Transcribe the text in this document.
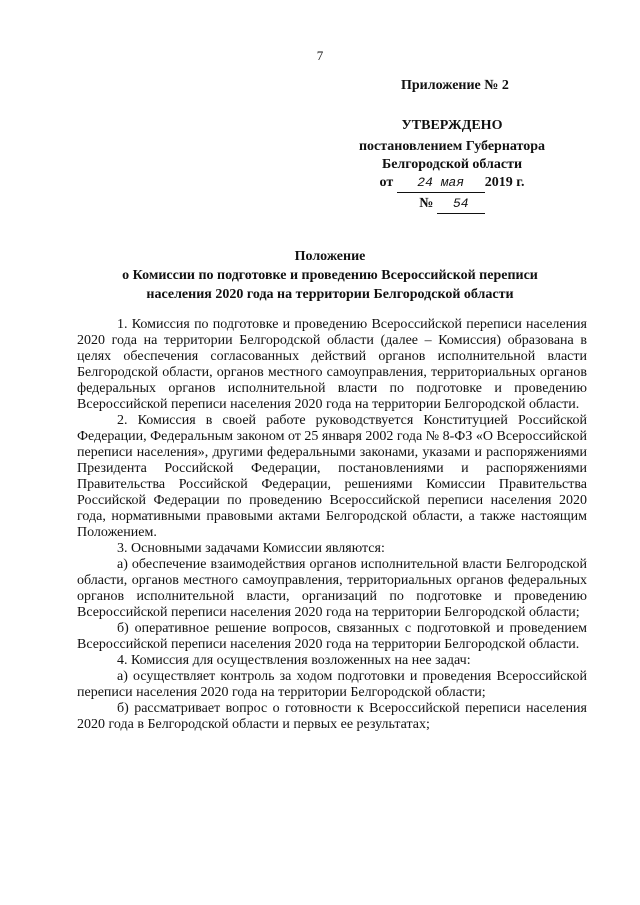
7
Приложение № 2
УТВЕРЖДЕНО
постановлением Губернатора
Белгородской области
от 24 мая 2019 г.
№ 54
Положение
о Комиссии по подготовке и проведению Всероссийской переписи
населения 2020 года на территории Белгородской области

1. Комиссия по подготовке и проведению Всероссийской переписи населения 2020 года на территории Белгородской области (далее – Комиссия) образована в целях обеспечения согласованных действий органов исполнительной власти Белгородской области, органов местного самоуправления, территориальных органов федеральных органов исполнительной власти по подготовке и проведению Всероссийской переписи населения 2020 года на территории Белгородской области.

2. Комиссия в своей работе руководствуется Конституцией Российской Федерации, Федеральным законом от 25 января 2002 года № 8-ФЗ «О Всероссийской переписи населения», другими федеральными законами, указами и распоряжениями Президента Российской Федерации, постановлениями и распоряжениями Правительства Российской Федерации, решениями Комиссии Правительства Российской Федерации по проведению Всероссийской переписи населения 2020 года, нормативными правовыми актами Белгородской области, а также настоящим Положением.

3. Основными задачами Комиссии являются:

а) обеспечение взаимодействия органов исполнительной власти Белгородской области, органов местного самоуправления, территориальных органов федеральных органов исполнительной власти, организаций по подготовке и проведению Всероссийской переписи населения 2020 года на территории Белгородской области;

б) оперативное решение вопросов, связанных с подготовкой и проведением Всероссийской переписи населения 2020 года на территории Белгородской области.

4. Комиссия для осуществления возложенных на нее задач:

а) осуществляет контроль за ходом подготовки и проведения Всероссийской переписи населения 2020 года на территории Белгородской области;

б) рассматривает вопрос о готовности к Всероссийской переписи населения 2020 года в Белгородской области и первых ее результатах;
